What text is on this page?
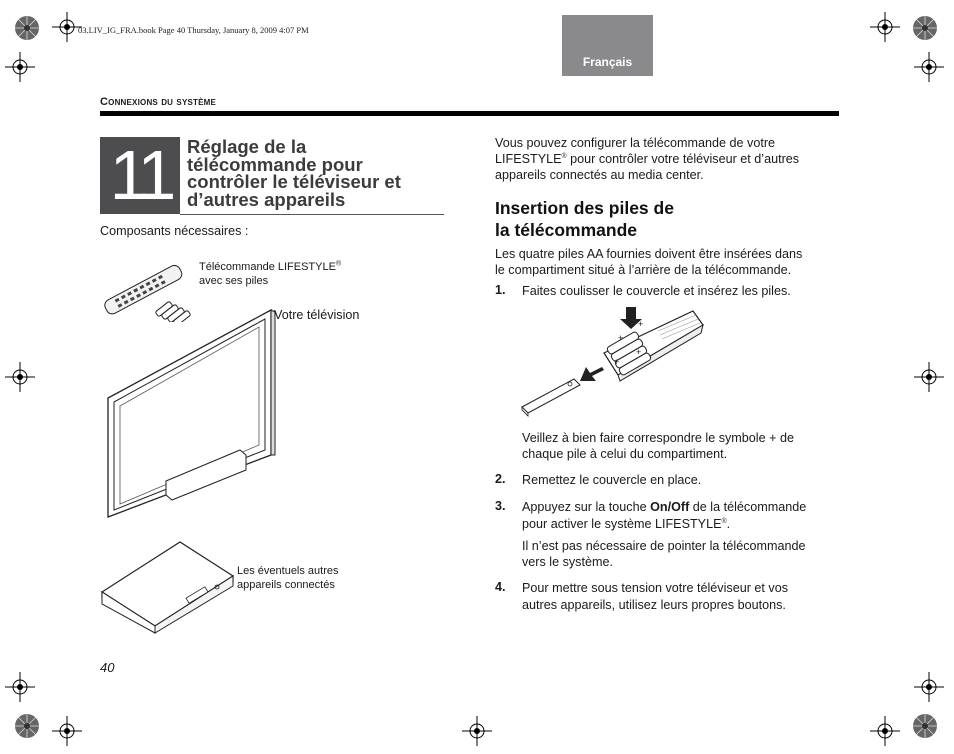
03.LIV_IG_FRA.book Page 40 Thursday, January 8, 2009 4:07 PM
Français
Connexions du système
11 Réglage de la
télécommande pour
contrôler le téléviseur et
d’autres appareils
Composants nécessaires :
Télécommande LIFESTYLE®
avec ses piles
Votre télévision
Les éventuels autres
appareils connectés
Vous pouvez configurer la télécommande de votre
LIFESTYLE® pour contrôler votre téléviseur et d’autres
appareils connectés au media center.
Insertion des piles de
la télécommande
Les quatre piles AA fournies doivent être insérées dans
le compartiment situé à l’arrière de la télécommande.
1. Faites coulisser le couvercle et insérez les piles.
+
+
+
+
Veillez à bien faire correspondre le symbole + de
chaque pile à celui du compartiment.
2. Remettez le couvercle en place.
3. Appuyez sur la touche On/Off de la télécommande
pour activer le système LIFESTYLE®.
Il n’est pas nécessaire de pointer la télécommande
vers le système.
4. Pour mettre sous tension votre téléviseur et vos
autres appareils, utilisez leurs propres boutons.
40
